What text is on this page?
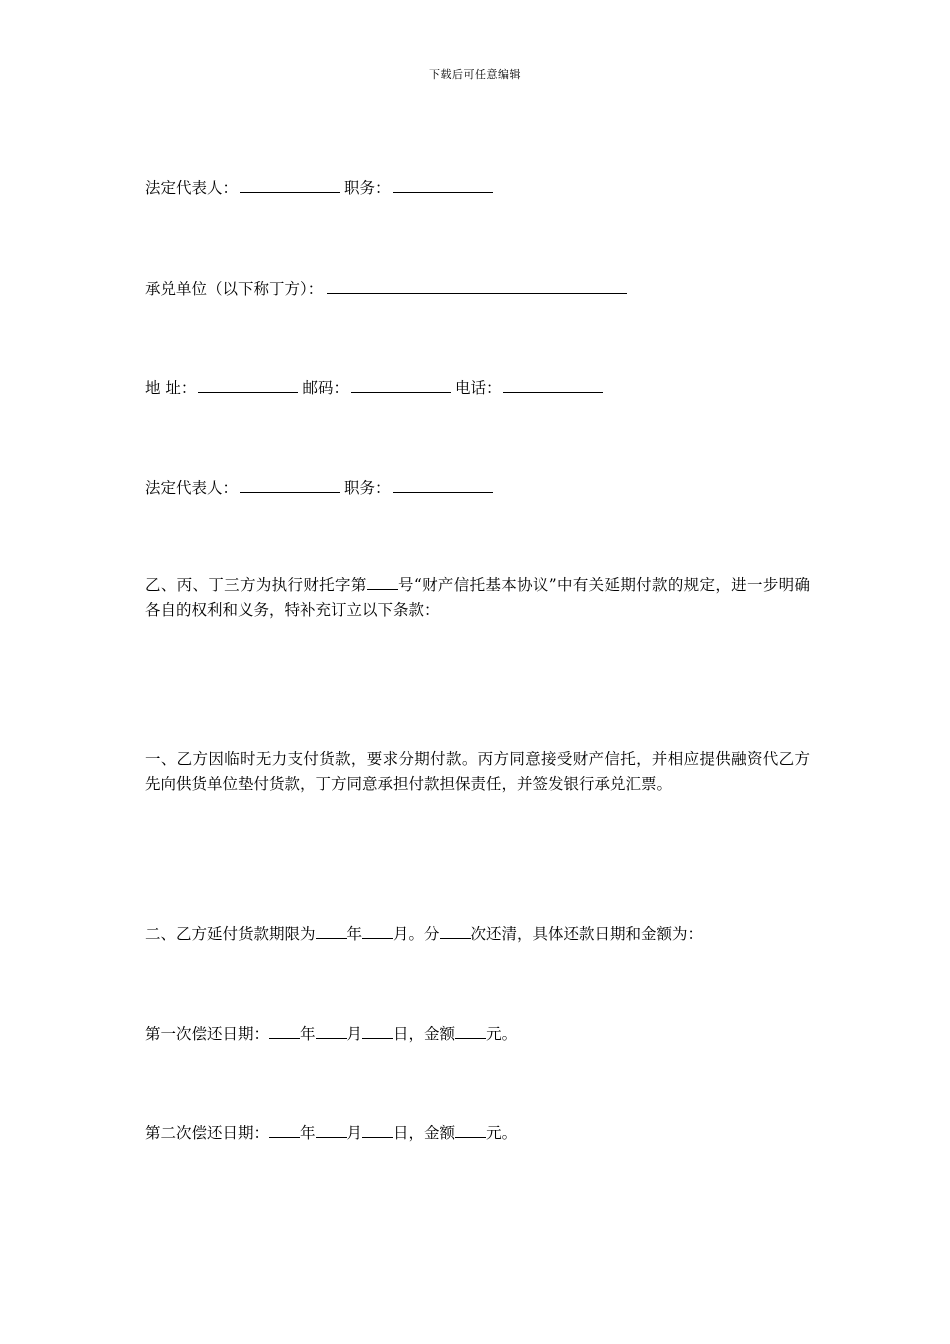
下载后可任意编辑
法定代表人：	职务：
承兑单位（以下称丁方）：
地 址：	邮码：	电话：
法定代表人：	职务：
乙、丙、丁三方为执行财托字第 号“财产信托基本协议”中有关延期付款的规定，进一步明确各自的权利和义务，特补充订立以下条款：
一、乙方因临时无力支付货款，要求分期付款。丙方同意接受财产信托，并相应提供融资代乙方先向供货单位垫付货款，丁方同意承担付款担保责任，并签发银行承兑汇票。
二、乙方延付货款期限为 年 月。分 次还清，具体还款日期和金额为：
第一次偿还日期： 年 月 日，金额 元。
第二次偿还日期： 年 月 日，金额 元。
